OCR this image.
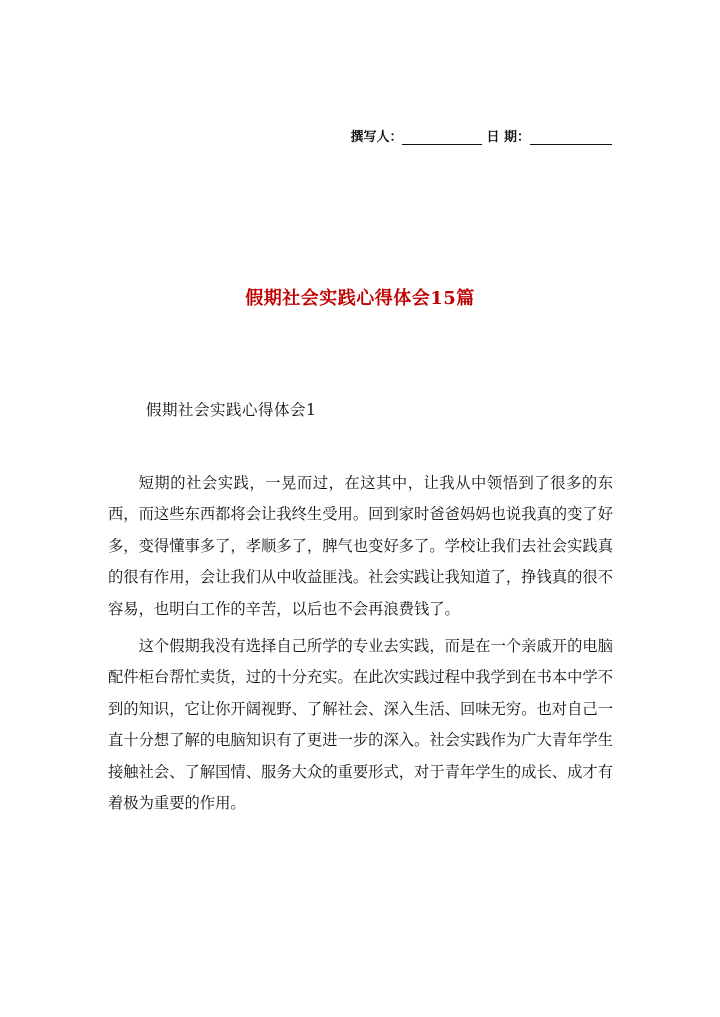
撰写人：	日 期：
假期社会实践心得体会15篇
假期社会实践心得体会1

短期的社会实践，一晃而过，在这其中，让我从中领悟到了很多的东西，而这些东西都将会让我终生受用。回到家时爸爸妈妈也说我真的变了好多，变得懂事多了，孝顺多了，脾气也变好多了。学校让我们去社会实践真的很有作用，会让我们从中收益匪浅。社会实践让我知道了，挣钱真的很不容易，也明白工作的辛苦，以后也不会再浪费钱了。

这个假期我没有选择自己所学的专业去实践，而是在一个亲戚开的电脑配件柜台帮忙卖货，过的十分充实。在此次实践过程中我学到在书本中学不到的知识，它让你开阔视野、了解社会、深入生活、回味无穷。也对自己一直十分想了解的电脑知识有了更进一步的深入。社会实践作为广大青年学生接触社会、了解国情、服务大众的重要形式，对于青年学生的成长、成才有着极为重要的作用。
